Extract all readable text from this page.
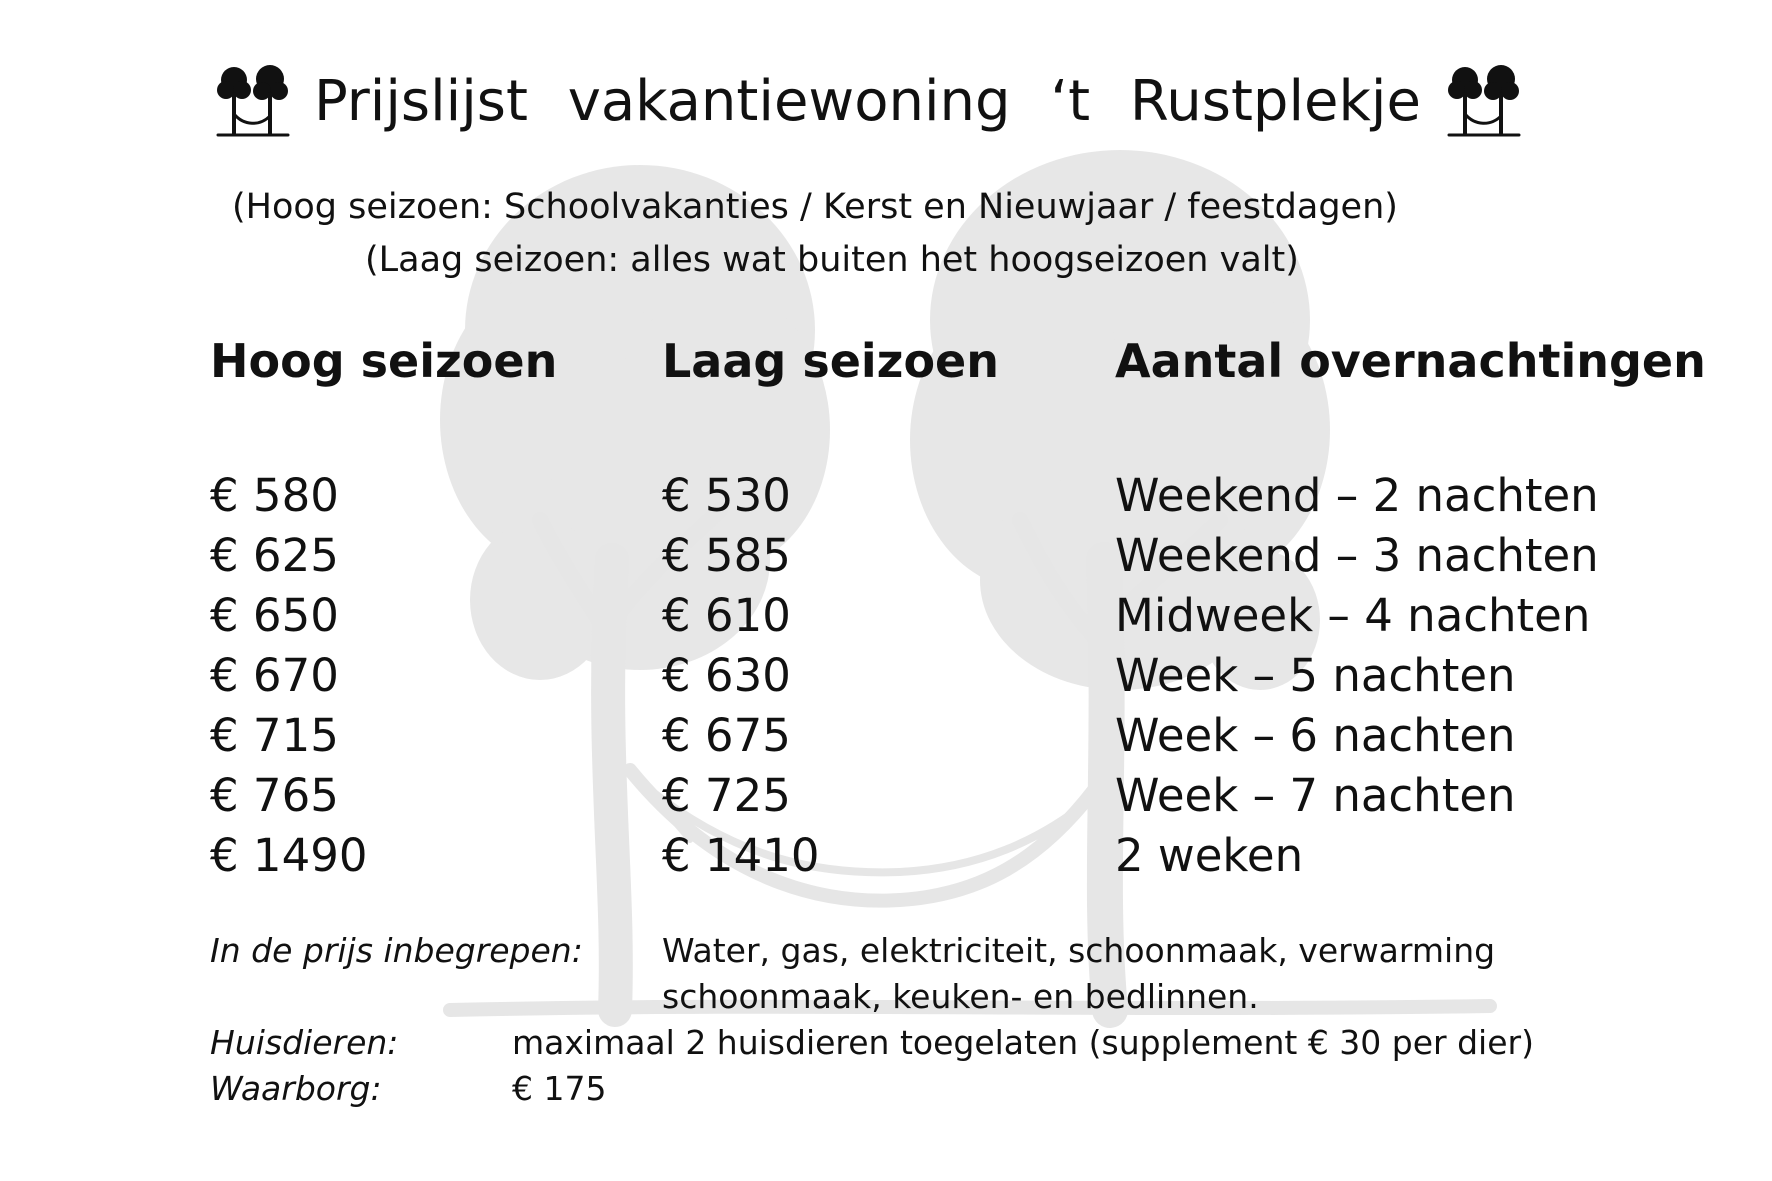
Prijslijst vakantiewoning ‘t Rustplekje
(Hoog seizoen: Schoolvakanties / Kerst en Nieuwjaar / feestdagen)
(Laag seizoen: alles wat buiten het hoogseizoen valt)
Hoog seizoen
€ 580
€ 625
€ 650
€ 670
€ 715
€ 765
€ 1490
Laag seizoen
€ 530
€ 585
€ 610
€ 630
€ 675
€ 725
€ 1410
Aantal overnachtingen
Weekend – 2 nachten
Weekend – 3 nachten
Midweek – 4 nachten
Week – 5 nachten
Week – 6 nachten
Week – 7 nachten
2 weken
In de prijs inbegrepen: Water, gas, elektriciteit, schoonmaak, verwarming
schoonmaak, keuken- en bedlinnen.
Huisdieren:	maximaal 2 huisdieren toegelaten (supplement € 30 per dier)
Waarborg:	€ 175
